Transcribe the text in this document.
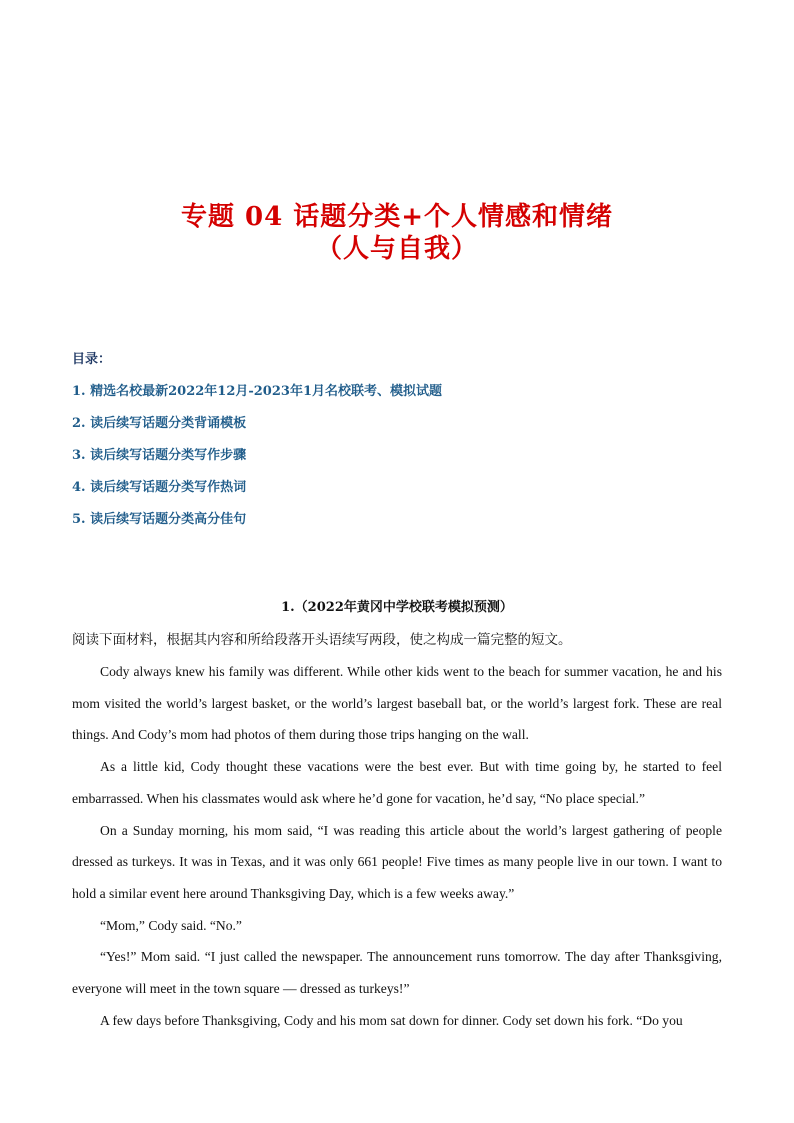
专题 04 话题分类+个人情感和情绪
（人与自我）
目录：
1. 精选名校最新2022年12月-2023年1月名校联考、模拟试题
2. 读后续写话题分类背诵模板
3. 读后续写话题分类写作步骤
4. 读后续写话题分类写作热词
5. 读后续写话题分类高分佳句
1.（2022年黄冈中学校联考模拟预测）
阅读下面材料，根据其内容和所给段落开头语续写两段，使之构成一篇完整的短文。

Cody always knew his family was different. While other kids went to the beach for summer vacation, he and his mom visited the world’s largest basket, or the world’s largest baseball bat, or the world’s largest fork. These are real things. And Cody’s mom had photos of them during those trips hanging on the wall.

As a little kid, Cody thought these vacations were the best ever. But with time going by, he started to feel embarrassed. When his classmates would ask where he’d gone for vacation, he’d say, “No place special.”

On a Sunday morning, his mom said, “I was reading this article about the world’s largest gathering of people dressed as turkeys. It was in Texas, and it was only 661 people! Five times as many people live in our town. I want to hold a similar event here around Thanksgiving Day, which is a few weeks away.”

“Mom,” Cody said. “No.”

“Yes!” Mom said. “I just called the newspaper. The announcement runs tomorrow. The day after Thanksgiving, everyone will meet in the town square — dressed as turkeys!”

A few days before Thanksgiving, Cody and his mom sat down for dinner. Cody set down his fork. “Do you
